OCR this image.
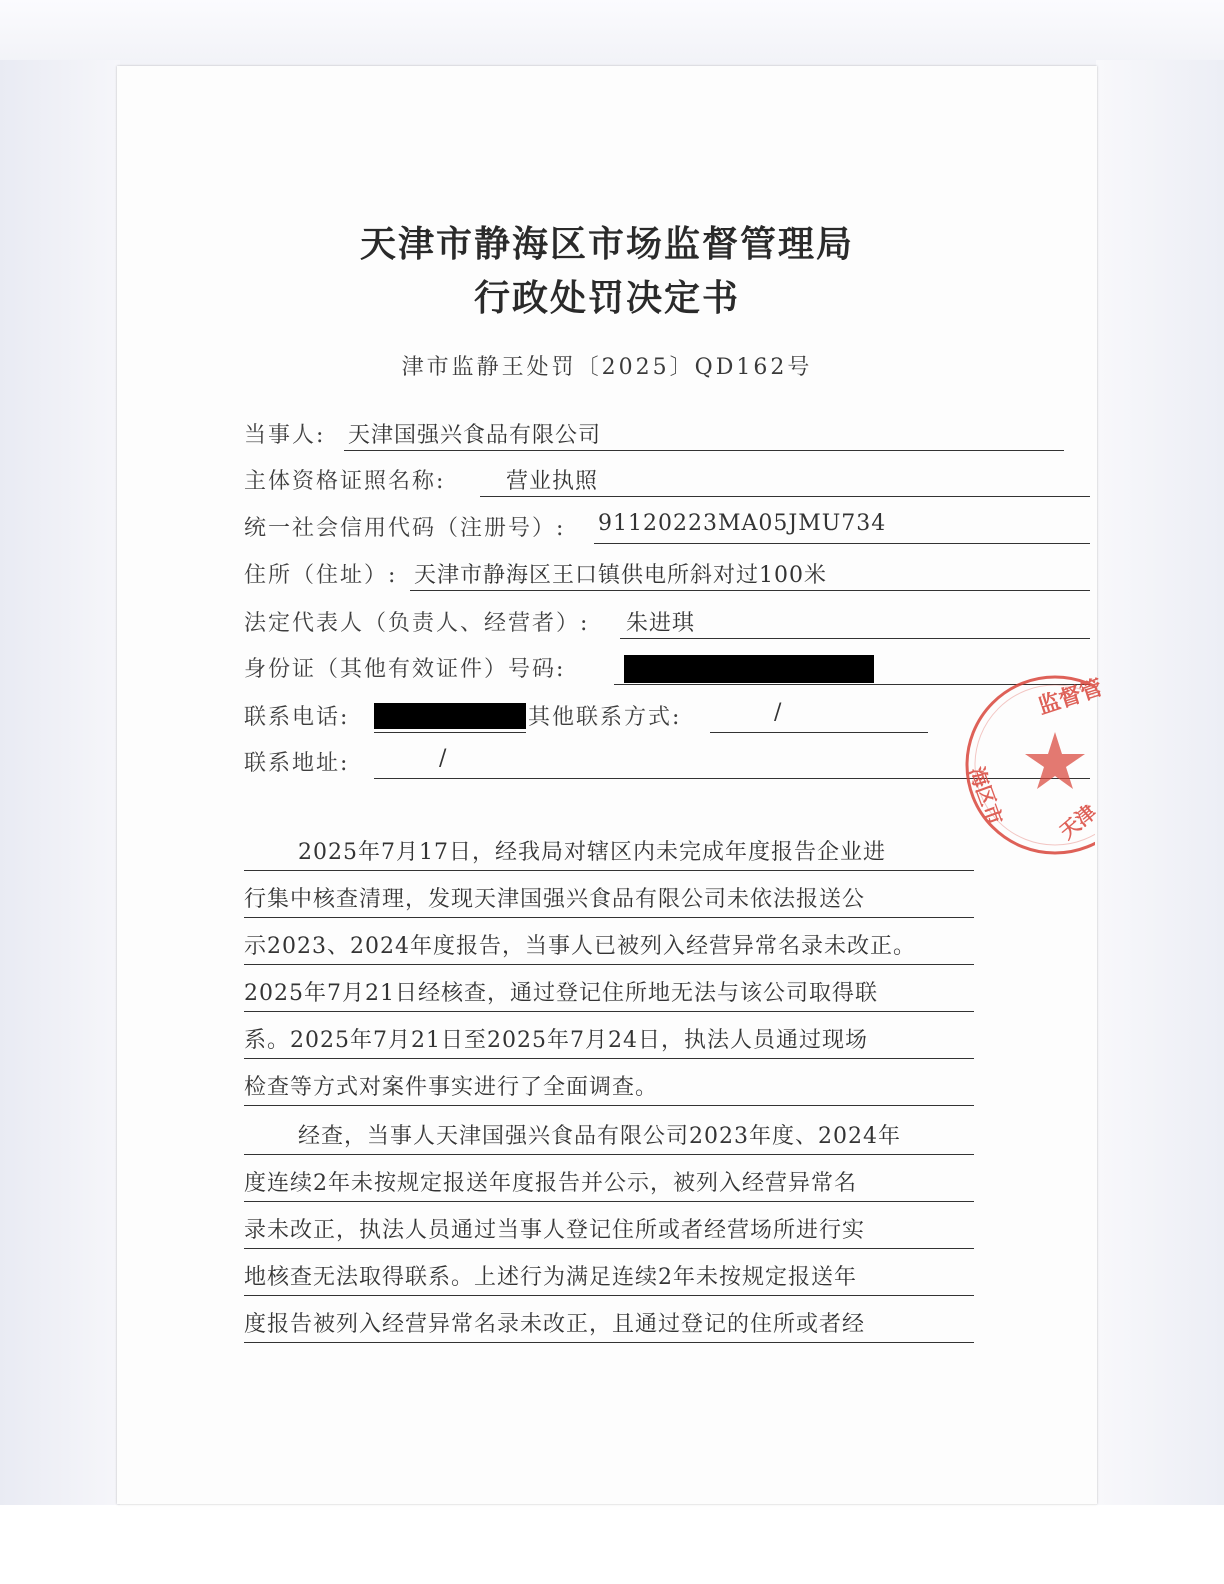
天津市静海区市场监督管理局
行政处罚决定书
津市监静王处罚〔2025〕QD162号
当事人: 天津国强兴食品有限公司
主体资格证照名称:	营业执照
统一社会信用代码（注册号）: 91120223MA05JMU734
住所（住址）: 天津市静海区王口镇供电所斜对过100米
法定代表人（负责人、经营者）: 朱进琪
身份证（其他有效证件）号码:
联系电话:	其他联系方式:	/
联系地址:	/
监督管
海区市 天津
2025年7月17日，经我局对辖区内未完成年度报告企业进
行集中核查清理，发现天津国强兴食品有限公司未依法报送公
示2023、2024年度报告，当事人已被列入经营异常名录未改正。
2025年7月21日经核查，通过登记住所地无法与该公司取得联
系。2025年7月21日至2025年7月24日，执法人员通过现场
检查等方式对案件事实进行了全面调查。
经查，当事人天津国强兴食品有限公司2023年度、2024年
度连续2年未按规定报送年度报告并公示，被列入经营异常名
录未改正，执法人员通过当事人登记住所或者经营场所进行实
地核查无法取得联系。上述行为满足连续2年未按规定报送年
度报告被列入经营异常名录未改正，且通过登记的住所或者经
